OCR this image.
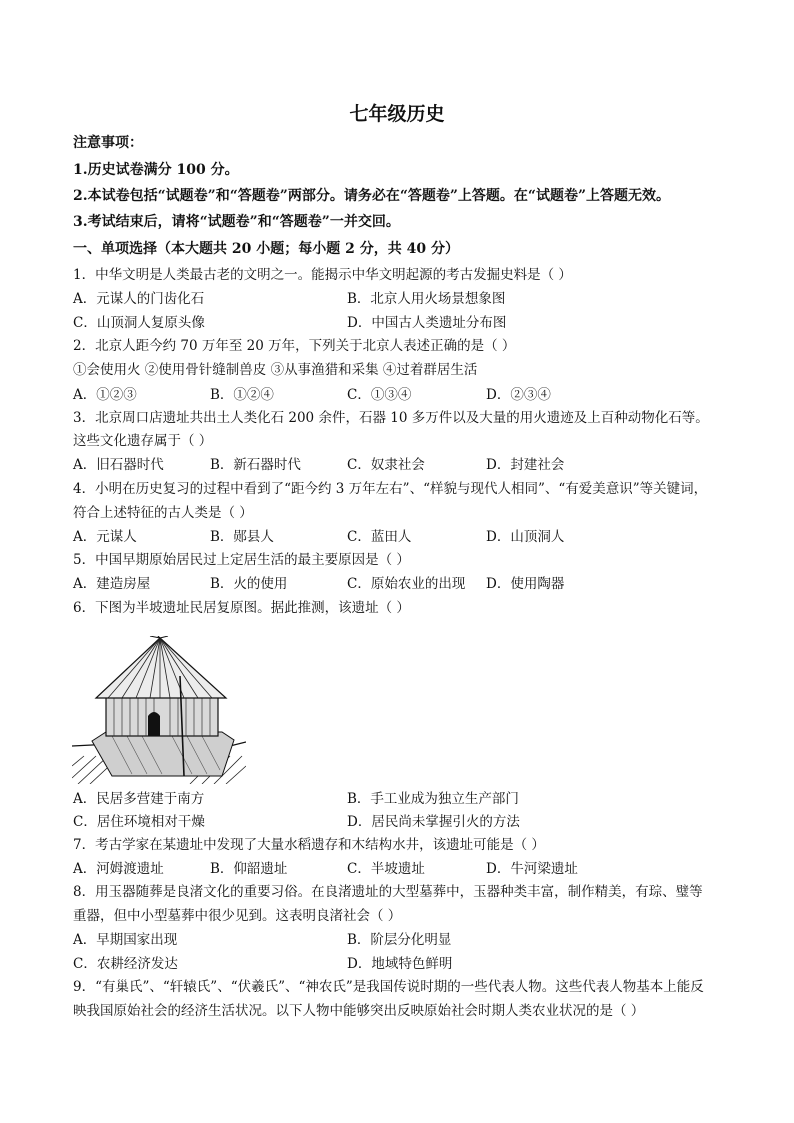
七年级历史
注意事项：
1.历史试卷满分 100 分。
2.本试卷包括“试题卷”和“答题卷”两部分。请务必在“答题卷”上答题。在“试题卷”上答题无效。
3.考试结束后，请将“试题卷”和“答题卷”一并交回。
一、单项选择（本大题共 20 小题；每小题 2 分，共 40 分）
1．中华文明是人类最古老的文明之一。能揭示中华文明起源的考古发掘史料是（ ）
A．元谋人的门齿化石	B．北京人用火场景想象图
C．山顶洞人复原头像	D．中国古人类遗址分布图
2．北京人距今约 70 万年至 20 万年，下列关于北京人表述正确的是（ ）
①会使用火 ②使用骨针缝制兽皮 ③从事渔猎和采集 ④过着群居生活
A．①②③	B．①②④	C．①③④	D．②③④
3．北京周口店遗址共出土人类化石 200 余件，石器 10 多万件以及大量的用火遗迹及上百种动物化石等。
这些文化遗存属于（ ）
A．旧石器时代	B．新石器时代	C．奴隶社会	D．封建社会
4．小明在历史复习的过程中看到了“距今约 3 万年左右”、“样貌与现代人相同”、“有爱美意识”等关键词，
符合上述特征的古人类是（ ）
A．元谋人	B．郧县人	C．蓝田人	D．山顶洞人
5．中国早期原始居民过上定居生活的最主要原因是（ ）
A．建造房屋	B．火的使用	C．原始农业的出现 D．使用陶器
6．下图为半坡遗址民居复原图。据此推测，该遗址（ ）
A．民居多营建于南方	B．手工业成为独立生产部门
C．居住环境相对干燥	D．居民尚未掌握引火的方法
7．考古学家在某遗址中发现了大量水稻遗存和木结构水井，该遗址可能是（ ）
A．河姆渡遗址	B．仰韶遗址	C．半坡遗址	D．牛河梁遗址
8．用玉器随葬是良渚文化的重要习俗。在良渚遗址的大型墓葬中，玉器种类丰富，制作精美，有琮、璧等
重器，但中小型墓葬中很少见到。这表明良渚社会（ ）
A．早期国家出现	B．阶层分化明显
C．农耕经济发达	D．地域特色鲜明
9．“有巢氏”、“轩辕氏”、“伏羲氏”、“神农氏”是我国传说时期的一些代表人物。这些代表人物基本上能反
映我国原始社会的经济生活状况。以下人物中能够突出反映原始社会时期人类农业状况的是（ ）
